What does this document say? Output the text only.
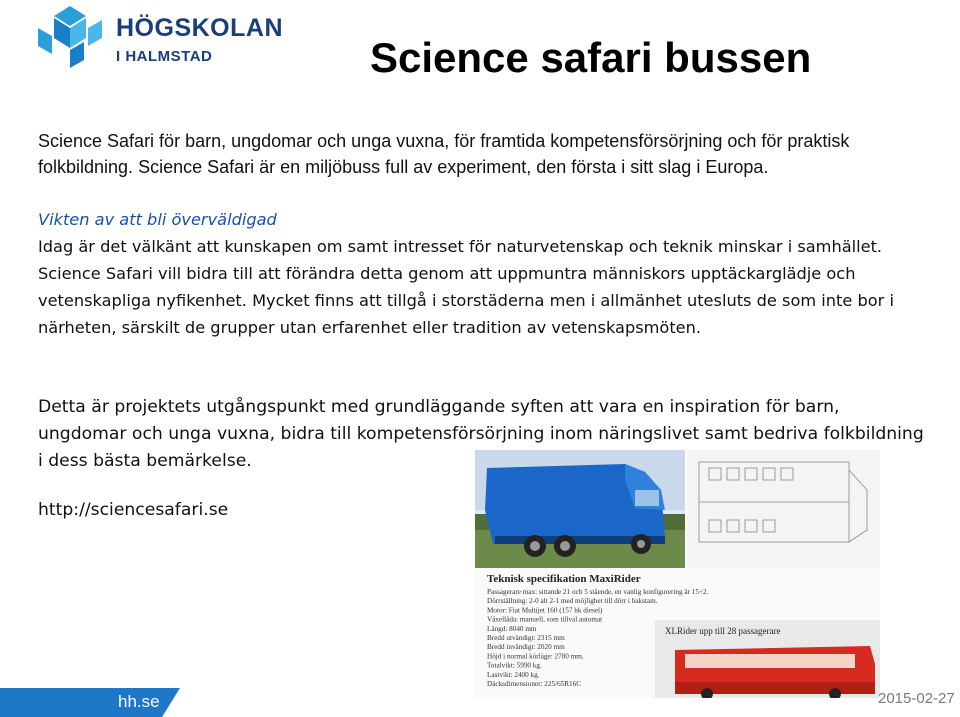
HÖGSKOLAN
I HALMSTAD	Science safari bussen
Science Safari för barn, ungdomar och unga vuxna, för framtida kompetensförsörjning och för praktisk folkbildning. Science Safari är en miljöbuss full av experiment, den första i sitt slag i Europa.
Vikten av att bli överväldigad
Idag är det välkänt att kunskapen om samt intresset för naturvetenskap och teknik minskar i samhället. Science Safari vill bidra till att förändra detta genom att uppmuntra människors upptäckarglädje och vetenskapliga nyfikenhet. Mycket finns att tillgå i storstäderna men i allmänhet utesluts de som inte bor i närheten, särskilt de grupper utan erfarenhet eller tradition av vetenskapsmöten.
Detta är projektets utgångspunkt med grundläggande syften att vara en inspiration för barn, ungdomar och unga vuxna, bidra till kompetensförsörjning inom näringslivet samt bedriva folkbildning i dess bästa bemärkelse.
http://sciencesafari.se
Teknisk specifikation MaxiRider
Passagerare max: sittande 21 och 5 stående, en vanlig konfigurering är 15+2.
Dörrställning: 2-0 alt 2-1 med möjlighet till dörr i bakstam.
Motor: Fiat Multijet 160 (157 hk diesel)
Växellåda: manuell, som tillval automat
Längd: 8040 mm
Bredd utvändigt: 2315 mm
Bredd invändigt: 2020 mm
Höjd i normal körläge: 2780 mm.
Totalvikt: 5990 kg.
Lastvikt: 2400 kg.
Däcksdimensioner: 225/65R16C
XLRider upp till 28 passagerare
hh.se	2015-02-27
